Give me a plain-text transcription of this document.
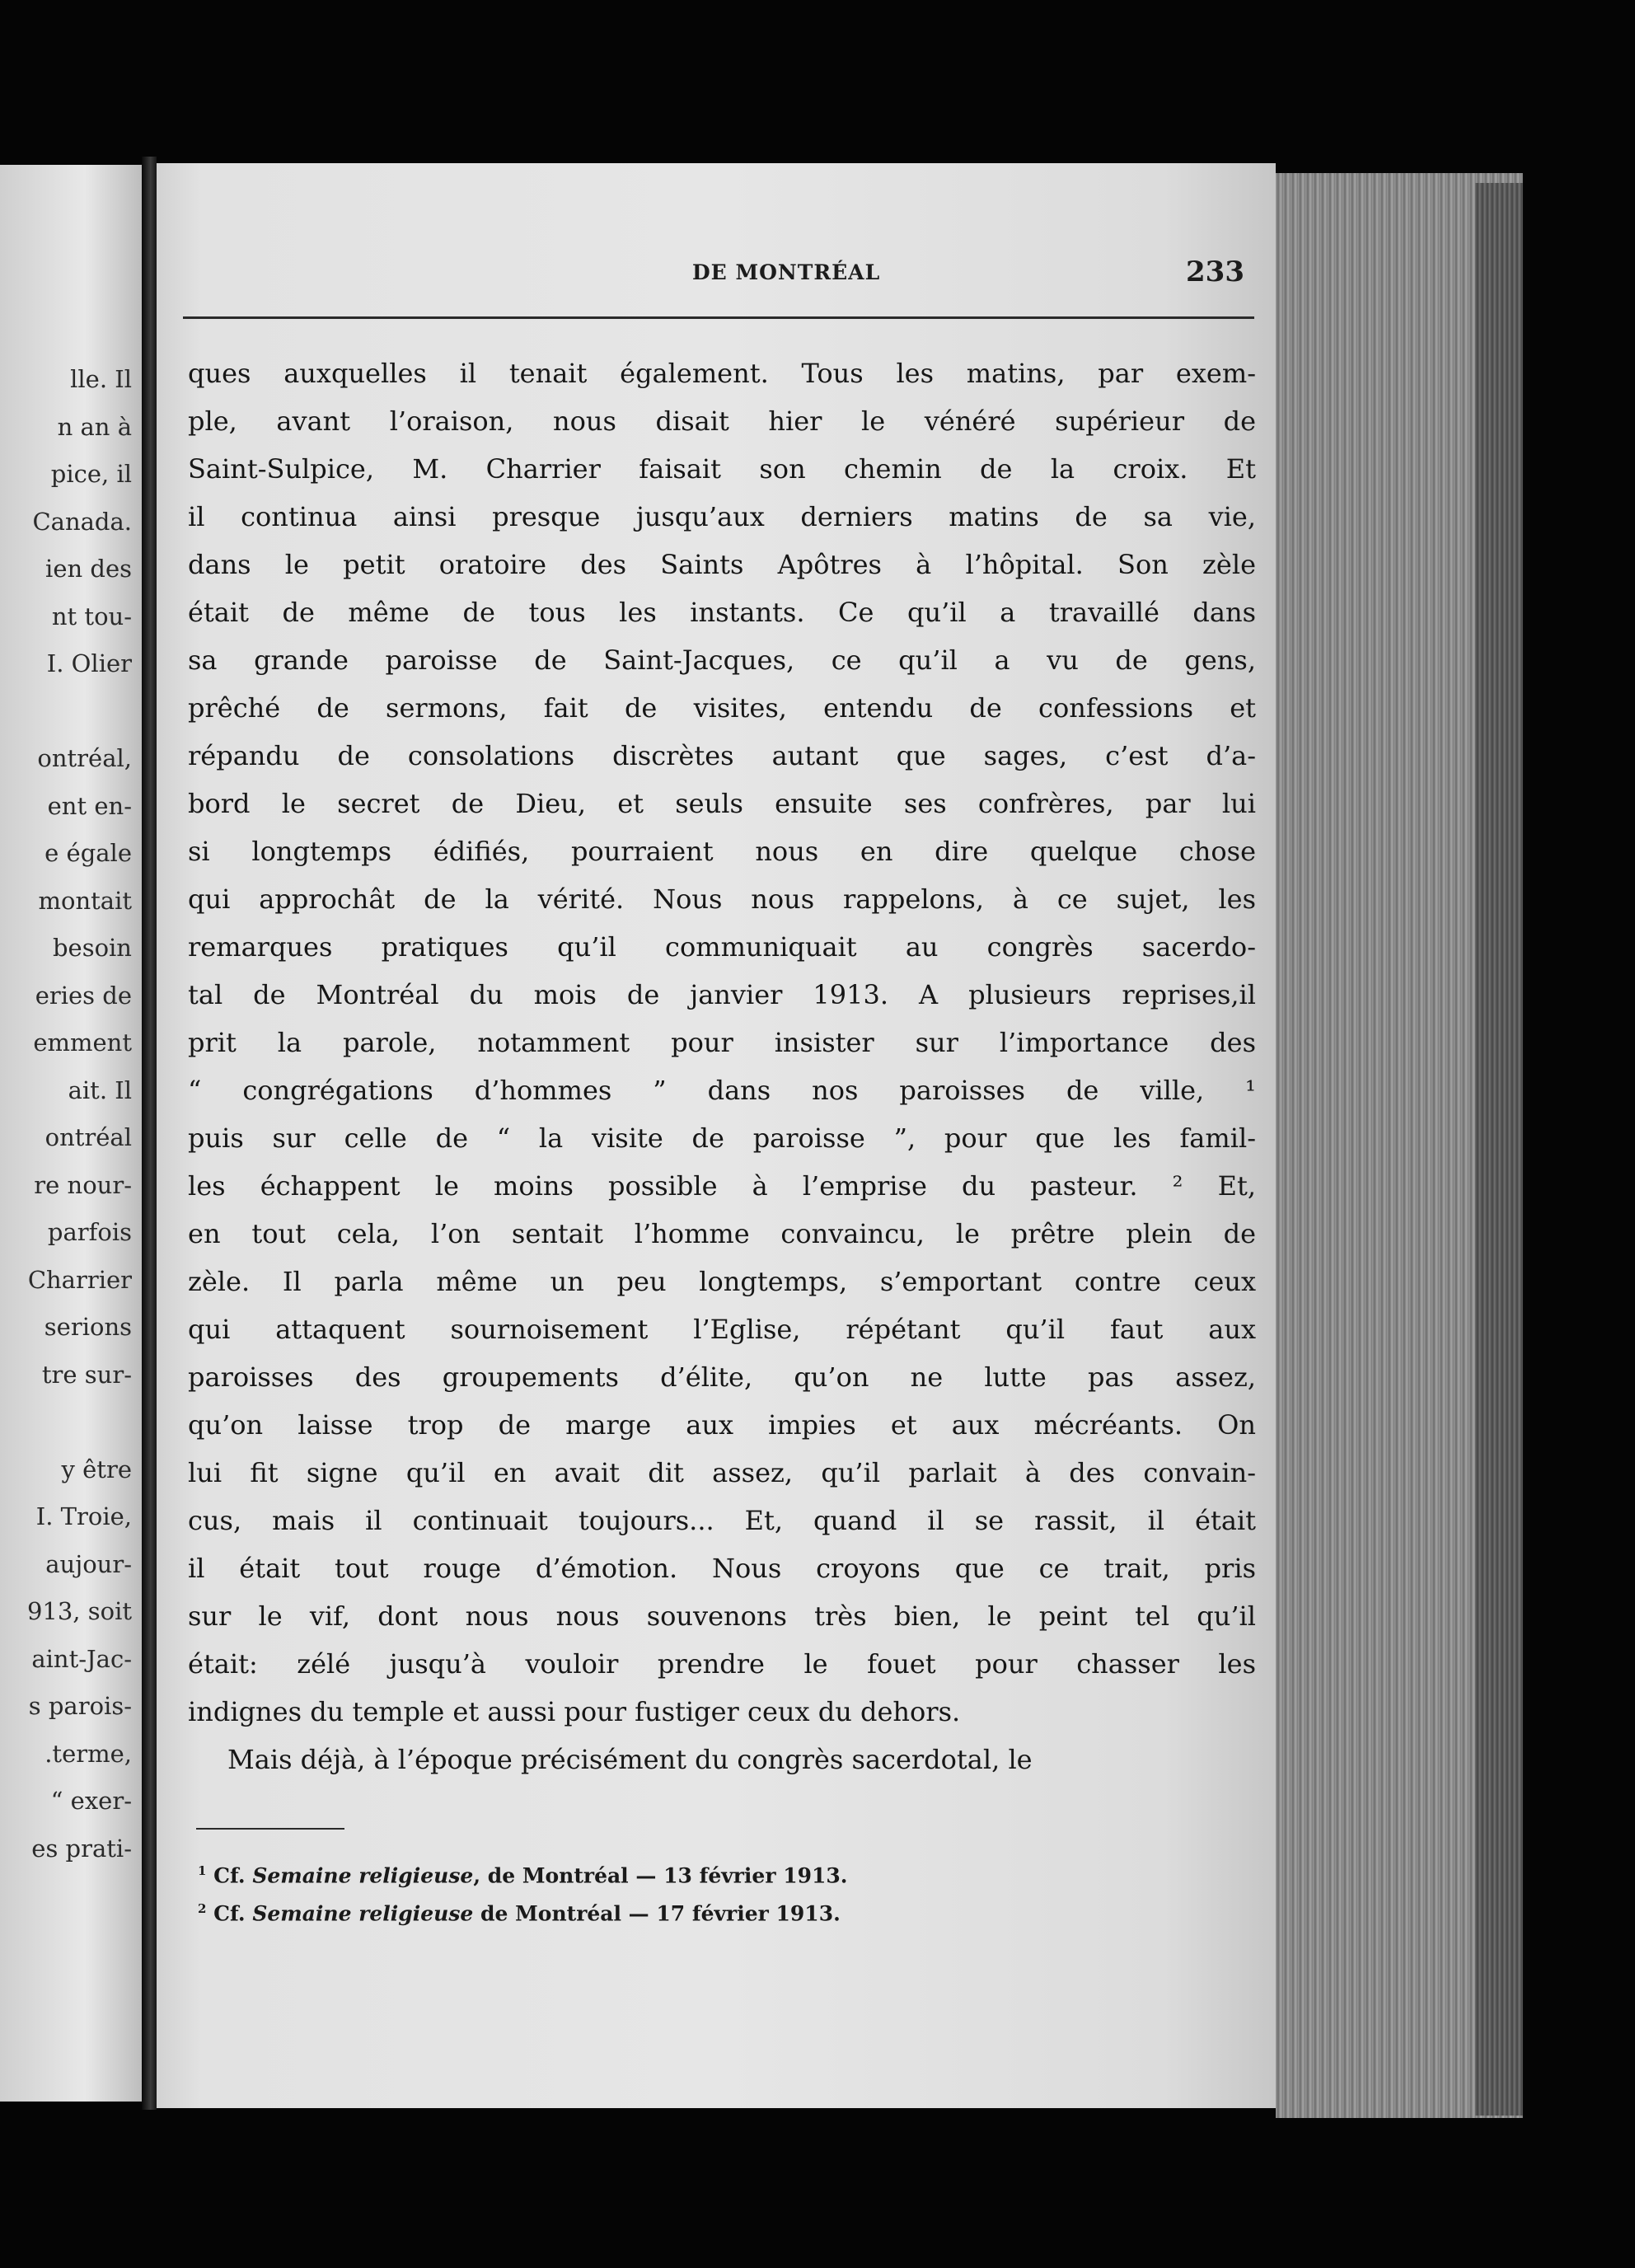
lle. Il
n an à
pice, il
Canada.
ien des
nt tou-
I. Olier
ontréal,
ent en-
e égale
montait
besoin
eries de
emment
ait. Il
ontréal
re nour-
parfois
Charrier
serions
tre sur-
y être
I. Troie,
aujour-
913, soit
aint-Jac-
s parois-
.terme,
“ exer-
es prati-
DE MONTRÉAL	233
ques auxquelles il tenait également. Tous les matins, par exem-
ple, avant l’oraison, nous disait hier le vénéré supérieur de
Saint-Sulpice, M. Charrier faisait son chemin de la croix. Et
il continua ainsi presque jusqu’aux derniers matins de sa vie,
dans le petit oratoire des Saints Apôtres à l’hôpital. Son zèle
était de même de tous les instants. Ce qu’il a travaillé dans
sa grande paroisse de Saint-Jacques, ce qu’il a vu de gens,
prêché de sermons, fait de visites, entendu de confessions et
répandu de consolations discrètes autant que sages, c’est d’a-
bord le secret de Dieu, et seuls ensuite ses confrères, par lui
si longtemps édifiés, pourraient nous en dire quelque chose
qui approchât de la vérité. Nous nous rappelons, à ce sujet, les
remarques pratiques qu’il communiquait au congrès sacerdo-
tal de Montréal du mois de janvier 1913. A plusieurs reprises,il
prit la parole, notamment pour insister sur l’importance des
“ congrégations d’hommes ” dans nos paroisses de ville, ¹
puis sur celle de “ la visite de paroisse ”, pour que les famil-
les échappent le moins possible à l’emprise du pasteur. ² Et,
en tout cela, l’on sentait l’homme convaincu, le prêtre plein de
zèle. Il parla même un peu longtemps, s’emportant contre ceux
qui attaquent sournoisement l’Eglise, répétant qu’il faut aux
paroisses des groupements d’élite, qu’on ne lutte pas assez,
qu’on laisse trop de marge aux impies et aux mécréants. On
lui fit signe qu’il en avait dit assez, qu’il parlait à des convain-
cus, mais il continuait toujours... Et, quand il se rassit, il était
il était tout rouge d’émotion. Nous croyons que ce trait, pris
sur le vif, dont nous nous souvenons très bien, le peint tel qu’il
était: zélé jusqu’à vouloir prendre le fouet pour chasser les
indignes du temple et aussi pour fustiger ceux du dehors.
Mais déjà, à l’époque précisément du congrès sacerdotal, le
$^1$ Cf. Semaine religieuse, de Montréal — 13 février 1913.
$^2$ Cf. Semaine religieuse de Montréal — 17 février 1913.
